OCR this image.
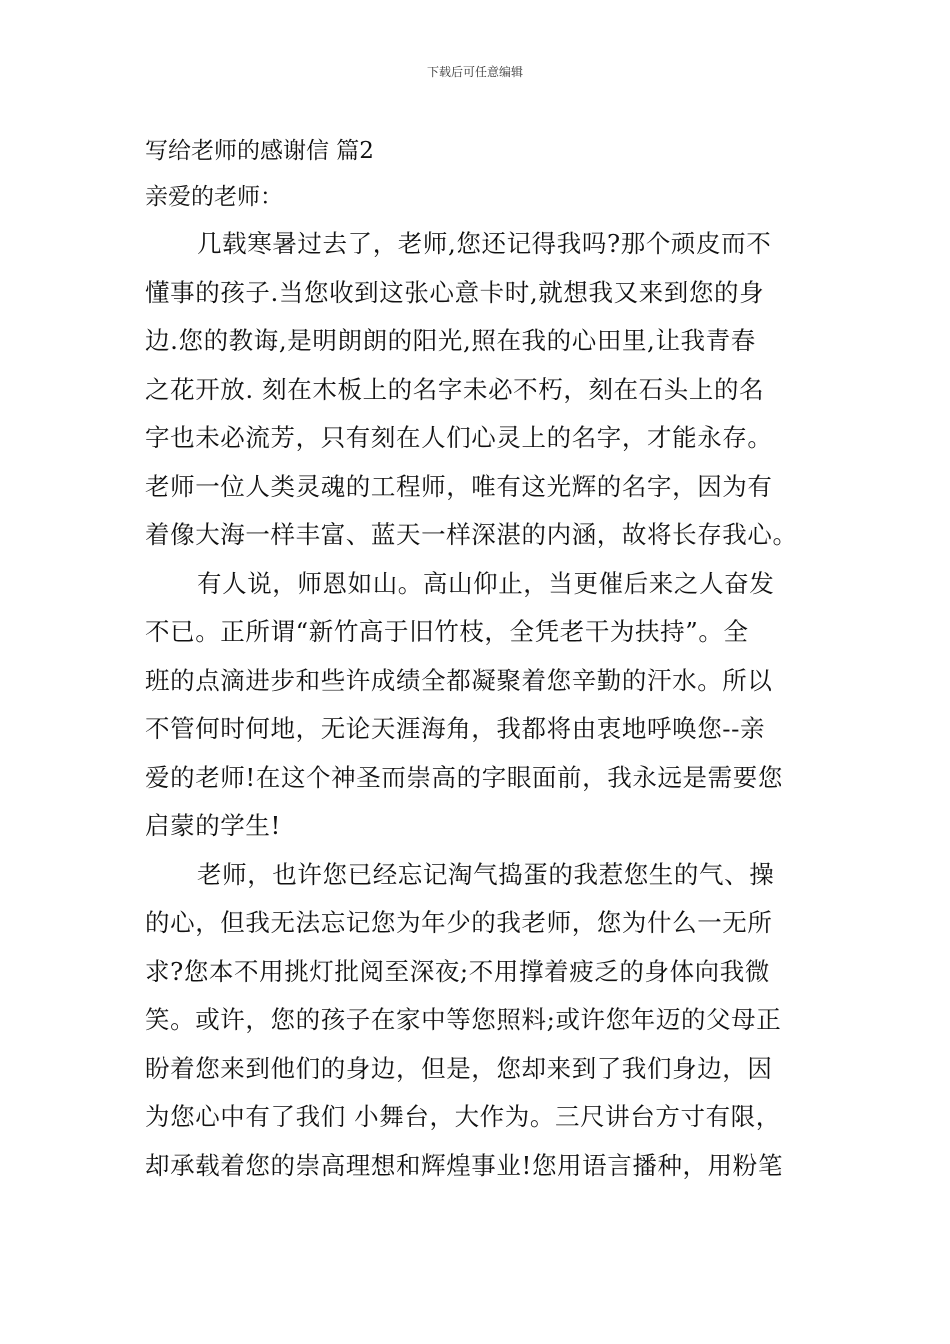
下载后可任意编辑
写给老师的感谢信 篇2

亲爱的老师：

几载寒暑过去了，老师,您还记得我吗?那个顽皮而不
懂事的孩子.当您收到这张心意卡时,就想我又来到您的身
边.您的教诲,是明朗朗的阳光,照在我的心田里,让我青春
之花开放. 刻在木板上的名字未必不朽，刻在石头上的名
字也未必流芳，只有刻在人们心灵上的名字，才能永存。
老师一位人类灵魂的工程师，唯有这光辉的名字，因为有
着像大海一样丰富、蓝天一样深湛的内涵，故将长存我心。
有人说，师恩如山。高山仰止，当更催后来之人奋发
不已。正所谓“新竹高于旧竹枝，全凭老干为扶持”。全
班的点滴进步和些许成绩全都凝聚着您辛勤的汗水。所以
不管何时何地，无论天涯海角，我都将由衷地呼唤您--亲
爱的老师!在这个神圣而崇高的字眼面前，我永远是需要您
启蒙的学生!
老师，也许您已经忘记淘气捣蛋的我惹您生的气、操
的心，但我无法忘记您为年少的我老师，您为什么一无所
求?您本不用挑灯批阅至深夜;不用撑着疲乏的身体向我微
笑。或许，您的孩子在家中等您照料;或许您年迈的父母正
盼着您来到他们的身边，但是，您却来到了我们身边，因
为您心中有了我们 小舞台，大作为。三尺讲台方寸有限，
却承载着您的崇高理想和辉煌事业!您用语言播种，用粉笔
